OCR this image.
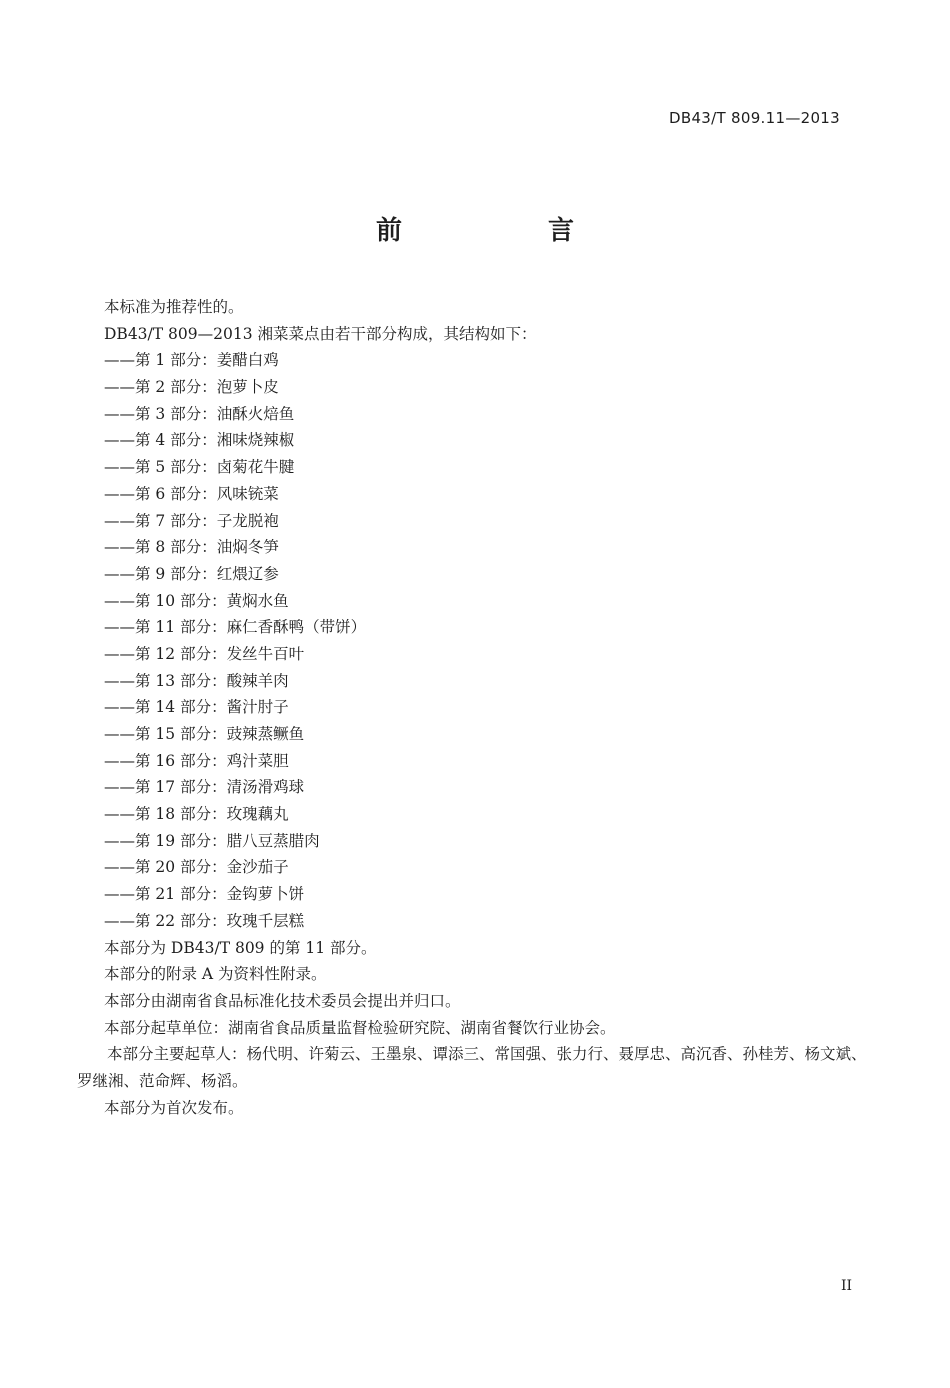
DB43/T 809.11—2013
前　言
本标准为推荐性的。
DB43/T 809—2013 湘菜菜点由若干部分构成，其结构如下：
——第 1 部分：姜醋白鸡
——第 2 部分：泡萝卜皮
——第 3 部分：油酥火焙鱼
——第 4 部分：湘味烧辣椒
——第 5 部分：卤菊花牛腱
——第 6 部分：风味铳菜
——第 7 部分：子龙脱袍
——第 8 部分：油焖冬笋
——第 9 部分：红煨辽参
——第 10 部分：黄焖水鱼
——第 11 部分：麻仁香酥鸭（带饼）
——第 12 部分：发丝牛百叶
——第 13 部分：酸辣羊肉
——第 14 部分：酱汁肘子
——第 15 部分：豉辣蒸鳜鱼
——第 16 部分：鸡汁菜胆
——第 17 部分：清汤滑鸡球
——第 18 部分：玫瑰藕丸
——第 19 部分：腊八豆蒸腊肉
——第 20 部分：金沙茄子
——第 21 部分：金钩萝卜饼
——第 22 部分：玫瑰千层糕
本部分为 DB43/T 809 的第 11 部分。
本部分的附录 A 为资料性附录。
本部分由湖南省食品标准化技术委员会提出并归口。
本部分起草单位：湖南省食品质量监督检验研究院、湖南省餐饮行业协会。
本部分主要起草人：杨代明、许菊云、王墨泉、谭添三、常国强、张力行、聂厚忠、高沉香、孙桂芳、杨文斌、罗继湘、范命辉、杨滔。
本部分为首次发布。
II
